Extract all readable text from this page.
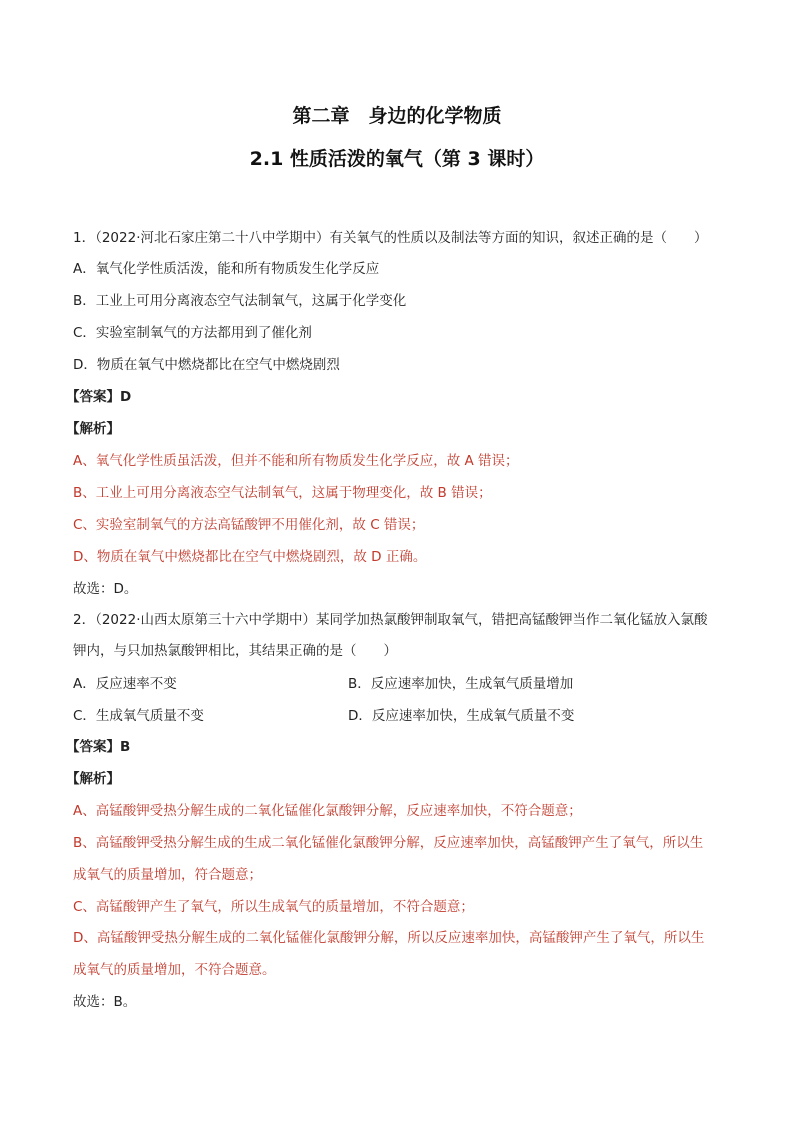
第二章　身边的化学物质
2.1 性质活泼的氧气（第 3 课时）
1．（2022·河北石家庄第二十八中学期中）有关氧气的性质以及制法等方面的知识，叙述正确的是（　　）
A．氧气化学性质活泼，能和所有物质发生化学反应
B．工业上可用分离液态空气法制氧气，这属于化学变化
C．实验室制氧气的方法都用到了催化剂
D．物质在氧气中燃烧都比在空气中燃烧剧烈
【答案】D
【解析】
A、氧气化学性质虽活泼，但并不能和所有物质发生化学反应，故 A 错误；
B、工业上可用分离液态空气法制氧气，这属于物理变化，故 B 错误；
C、实验室制氧气的方法高锰酸钾不用催化剂，故 C 错误；
D、物质在氧气中燃烧都比在空气中燃烧剧烈，故 D 正确。
故选：D。
2．（2022·山西太原第三十六中学期中）某同学加热氯酸钾制取氧气，错把高锰酸钾当作二氧化锰放入氯酸
钾内，与只加热氯酸钾相比，其结果正确的是（　　）
A．反应速率不变	B．反应速率加快，生成氧气质量增加
C．生成氧气质量不变	D．反应速率加快，生成氧气质量不变
【答案】B
【解析】
A、高锰酸钾受热分解生成的二氧化锰催化氯酸钾分解，反应速率加快，不符合题意；
B、高锰酸钾受热分解生成的生成二氧化锰催化氯酸钾分解，反应速率加快，高锰酸钾产生了氧气，所以生
成氧气的质量增加，符合题意；
C、高锰酸钾产生了氧气，所以生成氧气的质量增加，不符合题意；
D、高锰酸钾受热分解生成的二氧化锰催化氯酸钾分解，所以反应速率加快，高锰酸钾产生了氧气，所以生
成氧气的质量增加，不符合题意。
故选：B。
